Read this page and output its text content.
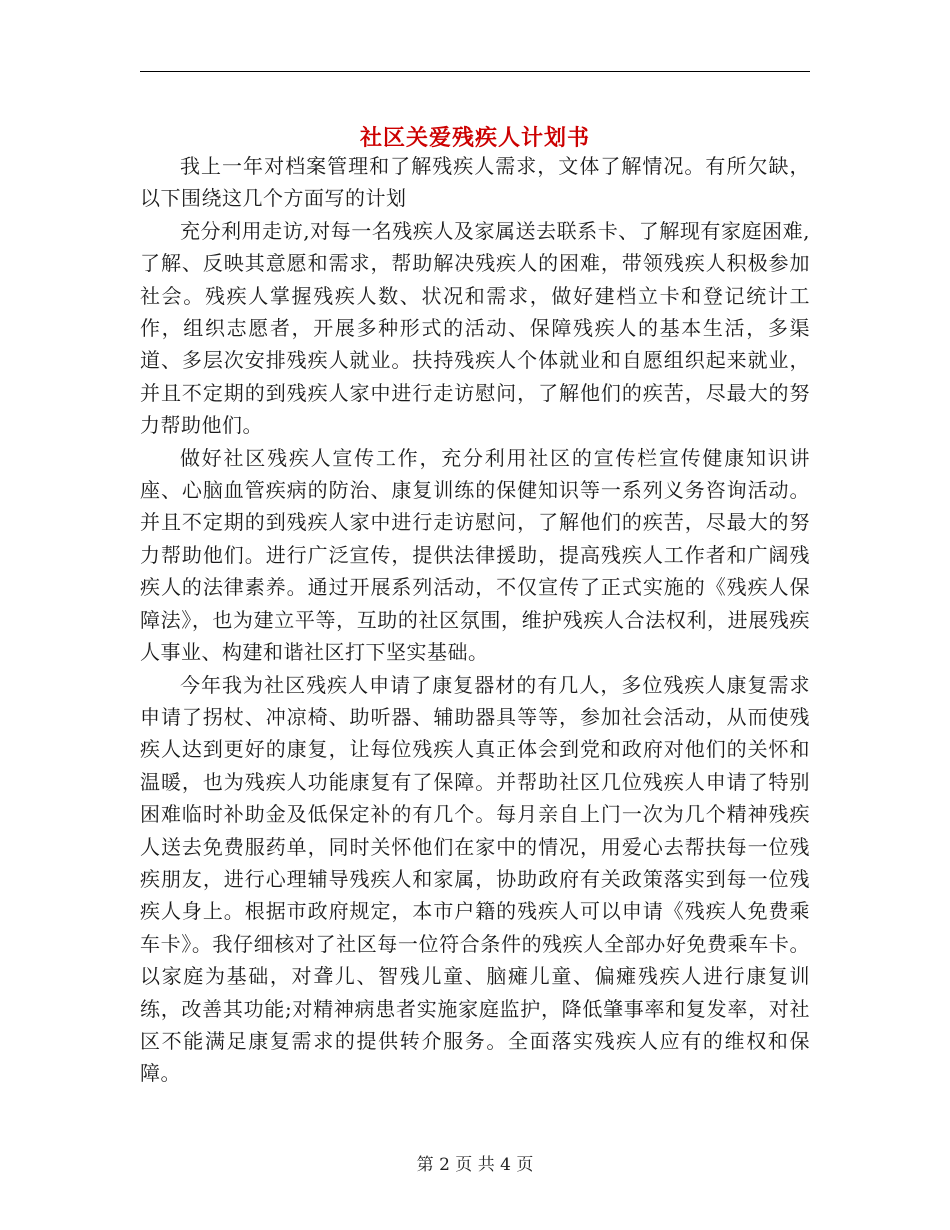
社区关爱残疾人计划书

我上一年对档案管理和了解残疾人需求，文体了解情况。有所欠缺，以下围绕这几个方面写的计划

充分利用走访,对每一名残疾人及家属送去联系卡、了解现有家庭困难,了解、反映其意愿和需求，帮助解决残疾人的困难，带领残疾人积极参加社会。残疾人掌握残疾人数、状况和需求，做好建档立卡和登记统计工作，组织志愿者，开展多种形式的活动、保障残疾人的基本生活，多渠道、多层次安排残疾人就业。扶持残疾人个体就业和自愿组织起来就业，并且不定期的到残疾人家中进行走访慰问，了解他们的疾苦，尽最大的努力帮助他们。

做好社区残疾人宣传工作，充分利用社区的宣传栏宣传健康知识讲座、心脑血管疾病的防治、康复训练的保健知识等一系列义务咨询活动。并且不定期的到残疾人家中进行走访慰问，了解他们的疾苦，尽最大的努力帮助他们。进行广泛宣传，提供法律援助，提高残疾人工作者和广阔残疾人的法律素养。通过开展系列活动，不仅宣传了正式实施的《残疾人保障法》，也为建立平等，互助的社区氛围，维护残疾人合法权利，进展残疾人事业、构建和谐社区打下坚实基础。

今年我为社区残疾人申请了康复器材的有几人，多位残疾人康复需求申请了拐杖、冲凉椅、助听器、辅助器具等等，参加社会活动，从而使残疾人达到更好的康复，让每位残疾人真正体会到党和政府对他们的关怀和温暖，也为残疾人功能康复有了保障。并帮助社区几位残疾人申请了特别困难临时补助金及低保定补的有几个。每月亲自上门一次为几个精神残疾人送去免费服药单，同时关怀他们在家中的情况，用爱心去帮扶每一位残疾朋友，进行心理辅导残疾人和家属，协助政府有关政策落实到每一位残疾人身上。根据市政府规定，本市户籍的残疾人可以申请《残疾人免费乘车卡》。我仔细核对了社区每一位符合条件的残疾人全部办好免费乘车卡。以家庭为基础，对聋儿、智残儿童、脑瘫儿童、偏瘫残疾人进行康复训练，改善其功能;对精神病患者实施家庭监护，降低肇事率和复发率，对社区不能满足康复需求的提供转介服务。全面落实残疾人应有的维权和保障。

第 2 页 共 4 页
